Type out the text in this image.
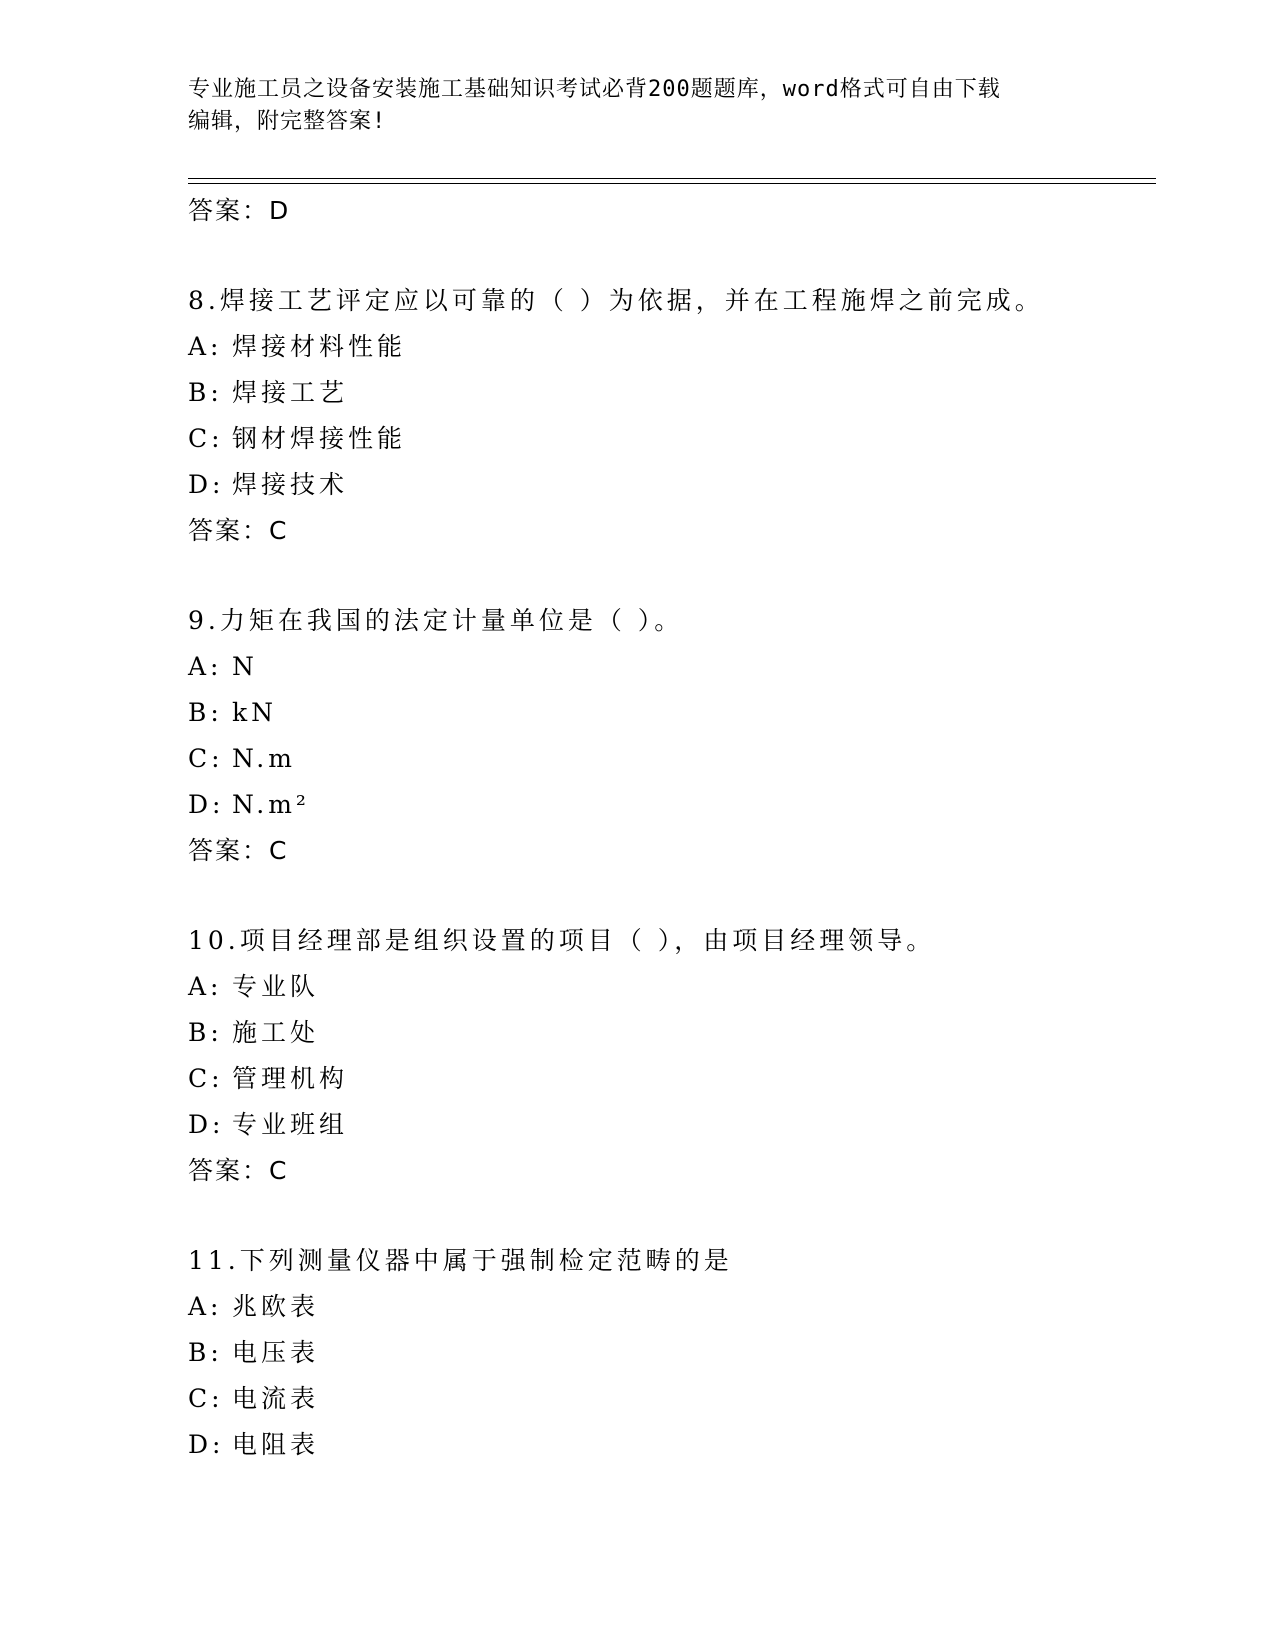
专业施工员之设备安装施工基础知识考试必背200题题库，word格式可自由下载
编辑，附完整答案!
答案：D
8.焊接工艺评定应以可靠的（ ）为依据，并在工程施焊之前完成。
A: 焊接材料性能
B: 焊接工艺
C: 钢材焊接性能
D: 焊接技术
答案：C
9.力矩在我国的法定计量单位是（ ）。
A: N
B: kN
C: N.m
D: N.m²
答案：C
10.项目经理部是组织设置的项目（ ），由项目经理领导。
A: 专业队
B: 施工处
C: 管理机构
D: 专业班组
答案：C
11.下列测量仪器中属于强制检定范畴的是
A: 兆欧表
B: 电压表
C: 电流表
D: 电阻表
